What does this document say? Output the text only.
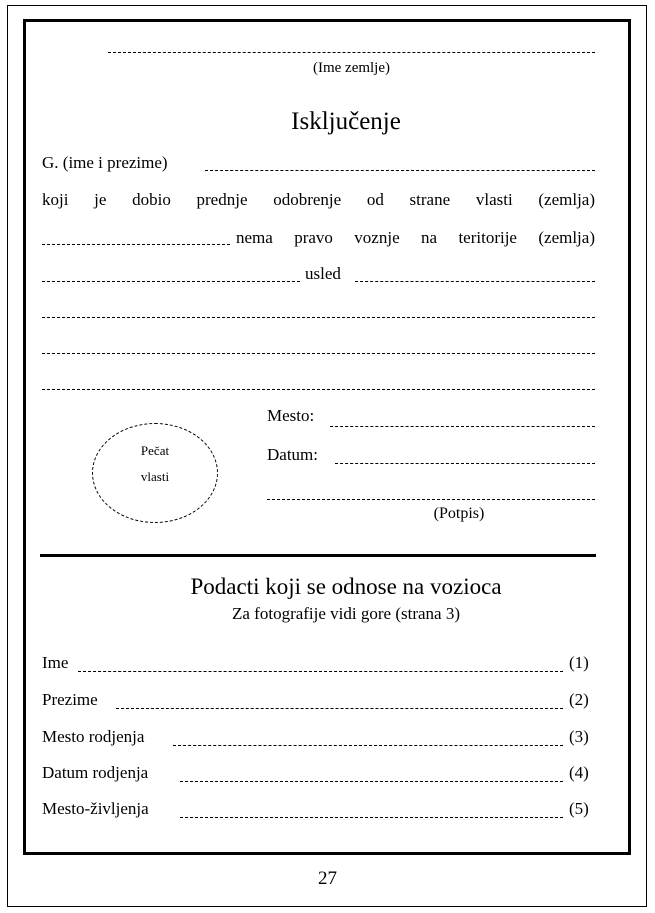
(Ime zemlje)
Isključenje
G. (ime i prezime)
koji je dobio prednje odobrenje od strane vlasti (zemlja)
nema pravo voznje na teritorije (zemlja)
usled
Pečat
vlasti
Mesto:
Datum:
(Potpis)
Podacti koji se odnose na vozioca
Za fotografije vidi gore (strana 3)
Ime	(1)
Prezime	(2)
Mesto rodjenja	(3)
Datum rodjenja	(4)
Mesto-življenja	(5)
27
